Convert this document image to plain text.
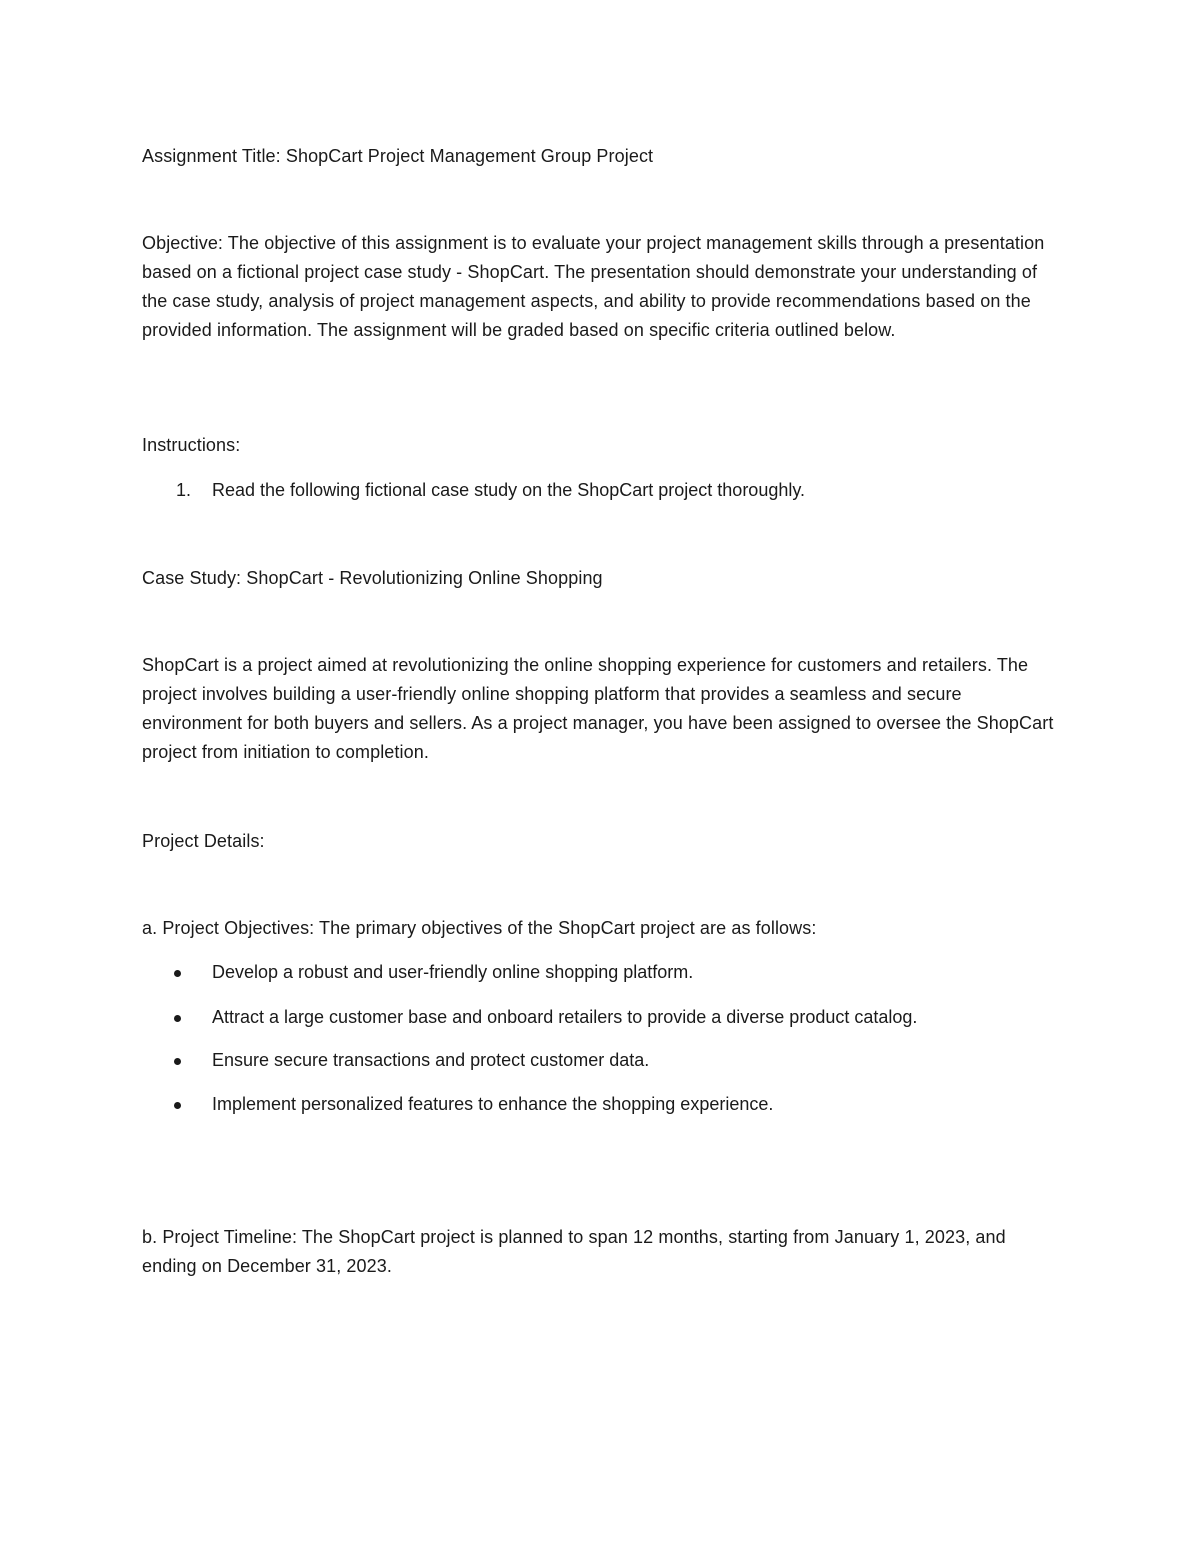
Assignment Title: ShopCart Project Management Group Project

Objective: The objective of this assignment is to evaluate your project management skills through a presentation based on a fictional project case study - ShopCart. The presentation should demonstrate your understanding of the case study, analysis of project management aspects, and ability to provide recommendations based on the provided information. The assignment will be graded based on specific criteria outlined below.

Instructions:

1.	Read the following fictional case study on the ShopCart project thoroughly.

Case Study: ShopCart - Revolutionizing Online Shopping

ShopCart is a project aimed at revolutionizing the online shopping experience for customers and retailers. The project involves building a user-friendly online shopping platform that provides a seamless and secure environment for both buyers and sellers. As a project manager, you have been assigned to oversee the ShopCart project from initiation to completion.

Project Details:

a. Project Objectives: The primary objectives of the ShopCart project are as follows:

Develop a robust and user-friendly online shopping platform.
Attract a large customer base and onboard retailers to provide a diverse product catalog.
Ensure secure transactions and protect customer data.
Implement personalized features to enhance the shopping experience.

b. Project Timeline: The ShopCart project is planned to span 12 months, starting from January 1, 2023, and ending on December 31, 2023.
